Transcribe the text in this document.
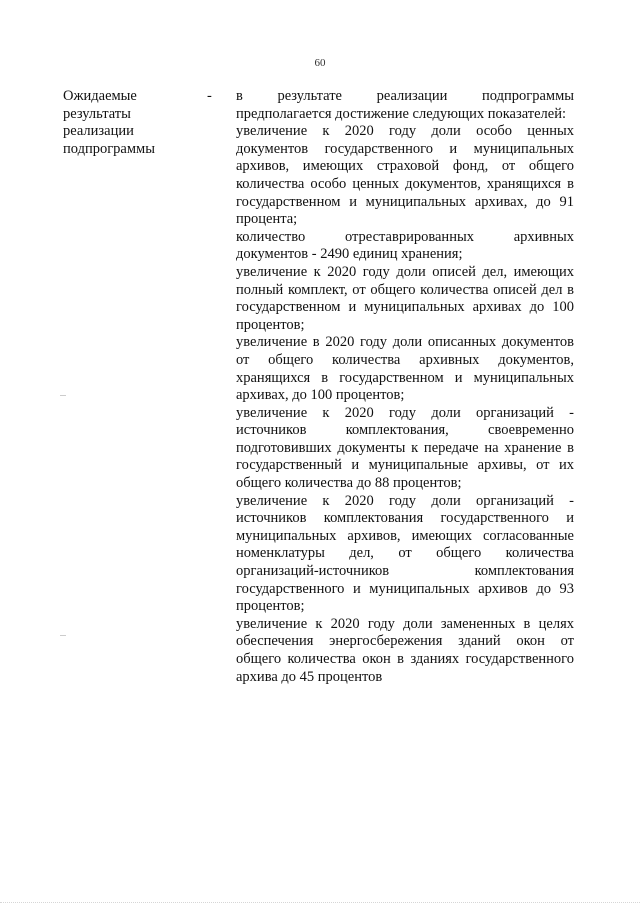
60
Ожидаемые
результаты
реализации
подпрограммы
- в результате реализации подпрограммы предполагается достижение следующих показателей:

увеличение к 2020 году доли особо ценных документов государственного и муниципальных архивов, имеющих страховой фонд, от общего количества особо ценных документов, хранящихся в государственном и муниципальных архивах, до 91 процента;

количество отреставрированных архивных документов - 2490 единиц хранения;

увеличение к 2020 году доли описей дел, имеющих полный комплект, от общего количества описей дел в государственном и муниципальных архивах до 100 процентов;

увеличение в 2020 году доли описанных документов от общего количества архивных документов, хранящихся в государственном и муниципальных архивах, до 100 процентов;

увеличение к 2020 году доли организаций - источников комплектования, своевременно подготовивших документы к передаче на хранение в государственный и муниципальные архивы, от их общего количества до 88 процентов;

увеличение к 2020 году доли организаций - источников комплектования государственного и муниципальных архивов, имеющих согласованные номенклатуры дел, от общего количества организаций-источников комплектования государственного и муниципальных архивов до 93 процентов;

увеличение к 2020 году доли замененных в целях обеспечения энергосбережения зданий окон от общего количества окон в зданиях государственного архива до 45 процентов
